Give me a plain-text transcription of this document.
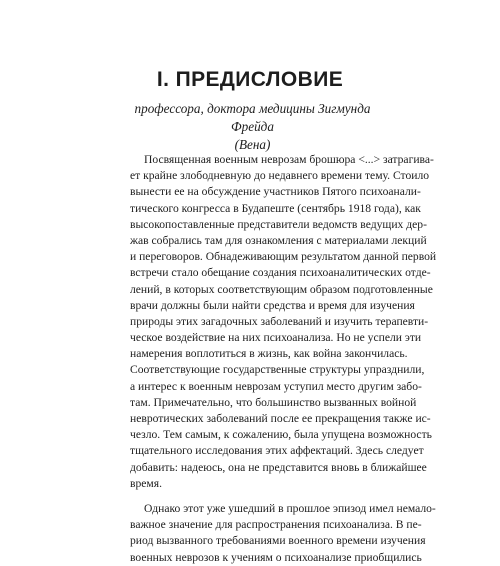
I. ПРЕДИСЛОВИЕ
профессора, доктора медицины Зигмунда Фрейда
(Вена)
Посвященная военным неврозам брошюра <...> затрагива-
ет крайне злободневную до недавнего времени тему. Стоило
вынести ее на обсуждение участников Пятого психоанали-
тического конгресса в Будапеште (сентябрь 1918 года), как
высокопоставленные представители ведомств ведущих дер-
жав собрались там для ознакомления с материалами лекций
и переговоров. Обнадеживающим результатом данной первой
встречи стало обещание создания психоаналитических отде-
лений, в которых соответствующим образом подготовленные
врачи должны были найти средства и время для изучения
природы этих загадочных заболеваний и изучить терапевти-
ческое воздействие на них психоанализа. Но не успели эти
намерения воплотиться в жизнь, как война закончилась.
Соответствующие государственные структуры упразднили,
а интерес к военным неврозам уступил место другим забо-
там. Примечательно, что большинство вызванных войной
невротических заболеваний после ее прекращения также ис-
чезло. Тем самым, к сожалению, была упущена возможность
тщательного исследования этих аффектаций. Здесь следует
добавить: надеюсь, она не представится вновь в ближайшее
время.
Однако этот уже ушедший в прошлое эпизод имел немало-
важное значение для распространения психоанализа. В пе-
риод вызванного требованиями военного времени изучения
военных неврозов к учениям о психоанализе приобщились
